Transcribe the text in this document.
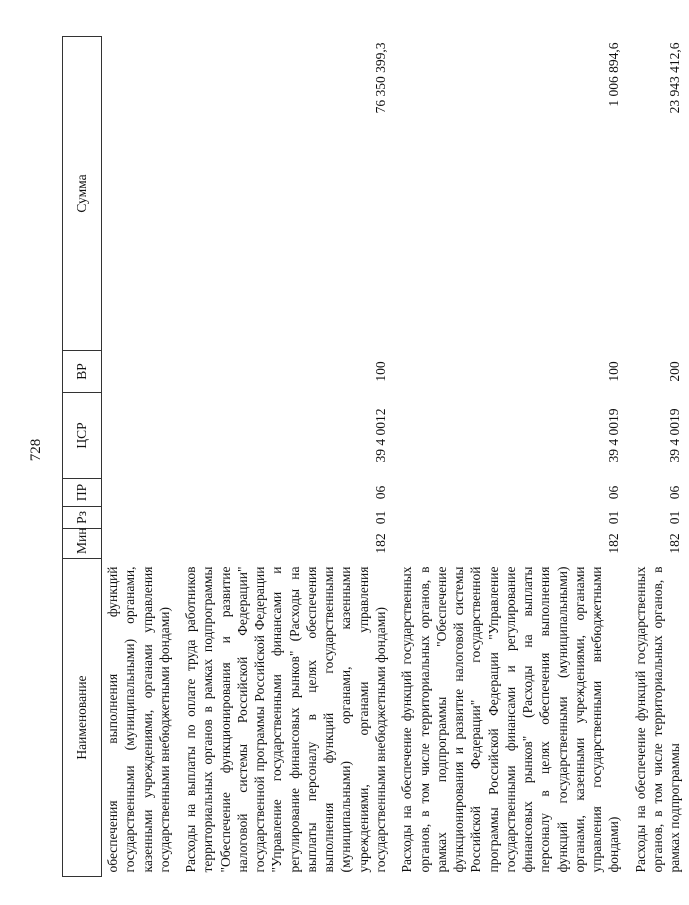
728
Наименование	Мин	Рз	ПР	ЦСР	ВР	Сумма
обеспечения выполнения функций государственными (муниципальными) органами, казенными учреждениями, органами управления государственными внебюджетными фондами)						
Расходы на выплаты по оплате труда работников территориальных органов в рамках подпрограммы "Обеспечение функционирования и развитие налоговой системы Российской Федерации" государственной программы Российской Федерации "Управление государственными финансами и регулирование финансовых рынков" (Расходы на выплаты персоналу в целях обеспечения выполнения функций государственными (муниципальными) органами, казенными учреждениями, органами управления государственными внебюджетными фондами)	182	01	06	39 4 0012	100	76 350 399,3
Расходы на обеспечение функций государственных органов, в том числе территориальных органов, в рамках подпрограммы "Обеспечение функционирования и развитие налоговой системы Российской Федерации" государственной программы Российской Федерации "Управление государственными финансами и регулирование финансовых рынков" (Расходы на выплаты персоналу в целях обеспечения выполнения функций государственными (муниципальными) органами, казенными учреждениями, органами управления государственными внебюджетными фондами)	182	01	06	39 4 0019	100	1 006 894,6
Расходы на обеспечение функций государственных органов, в том числе территориальных органов, в рамках подпрограммы	182	01	06	39 4 0019	200	23 943 412,6
